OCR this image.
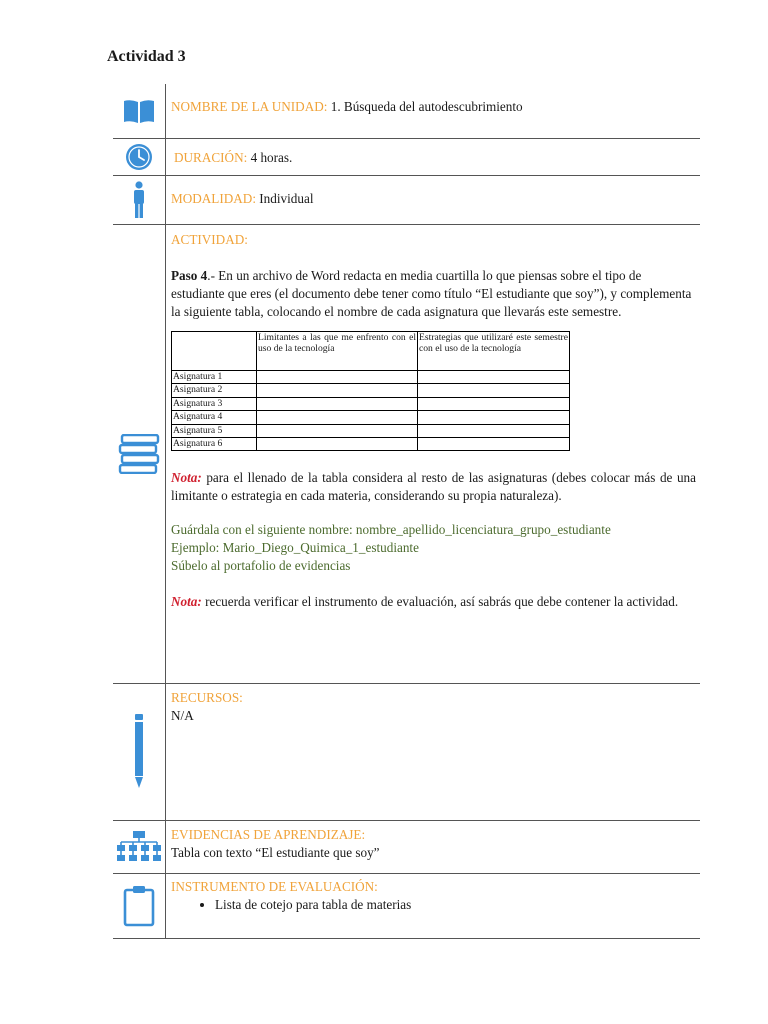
Actividad 3
NOMBRE DE LA UNIDAD: 1. Búsqueda del autodescubrimiento
DURACIÓN: 4 horas.
MODALIDAD: Individual

ACTIVIDAD:

Paso 4.- En un archivo de Word redacta en media cuartilla lo que piensas sobre el tipo de estudiante que eres (el documento debe tener como título “El estudiante que soy”), y complementa la siguiente tabla, colocando el nombre de cada asignatura que llevarás este semestre.

	Limitantes a las que me enfrento con el uso de la tecnología	Estrategias que utilizaré este semestre con el uso de la tecnología
Asignatura 1		
Asignatura 2		
Asignatura 3		
Asignatura 4		
Asignatura 5		
Asignatura 6		

Nota: para el llenado de la tabla considera al resto de las asignaturas (debes colocar más de una limitante o estrategia en cada materia, considerando su propia naturaleza).

Guárdala con el siguiente nombre: nombre_apellido_licenciatura_grupo_estudiante

Ejemplo: Mario_Diego_Quimica_1_estudiante

Súbelo al portafolio de evidencias

Nota: recuerda verificar el instrumento de evaluación, así sabrás que debe contener la actividad.

RECURSOS:

N/A

EVIDENCIAS DE APRENDIZAJE:

Tabla con texto “El estudiante que soy”

INSTRUMENTO DE EVALUACIÓN:

• Lista de cotejo para tabla de materias
